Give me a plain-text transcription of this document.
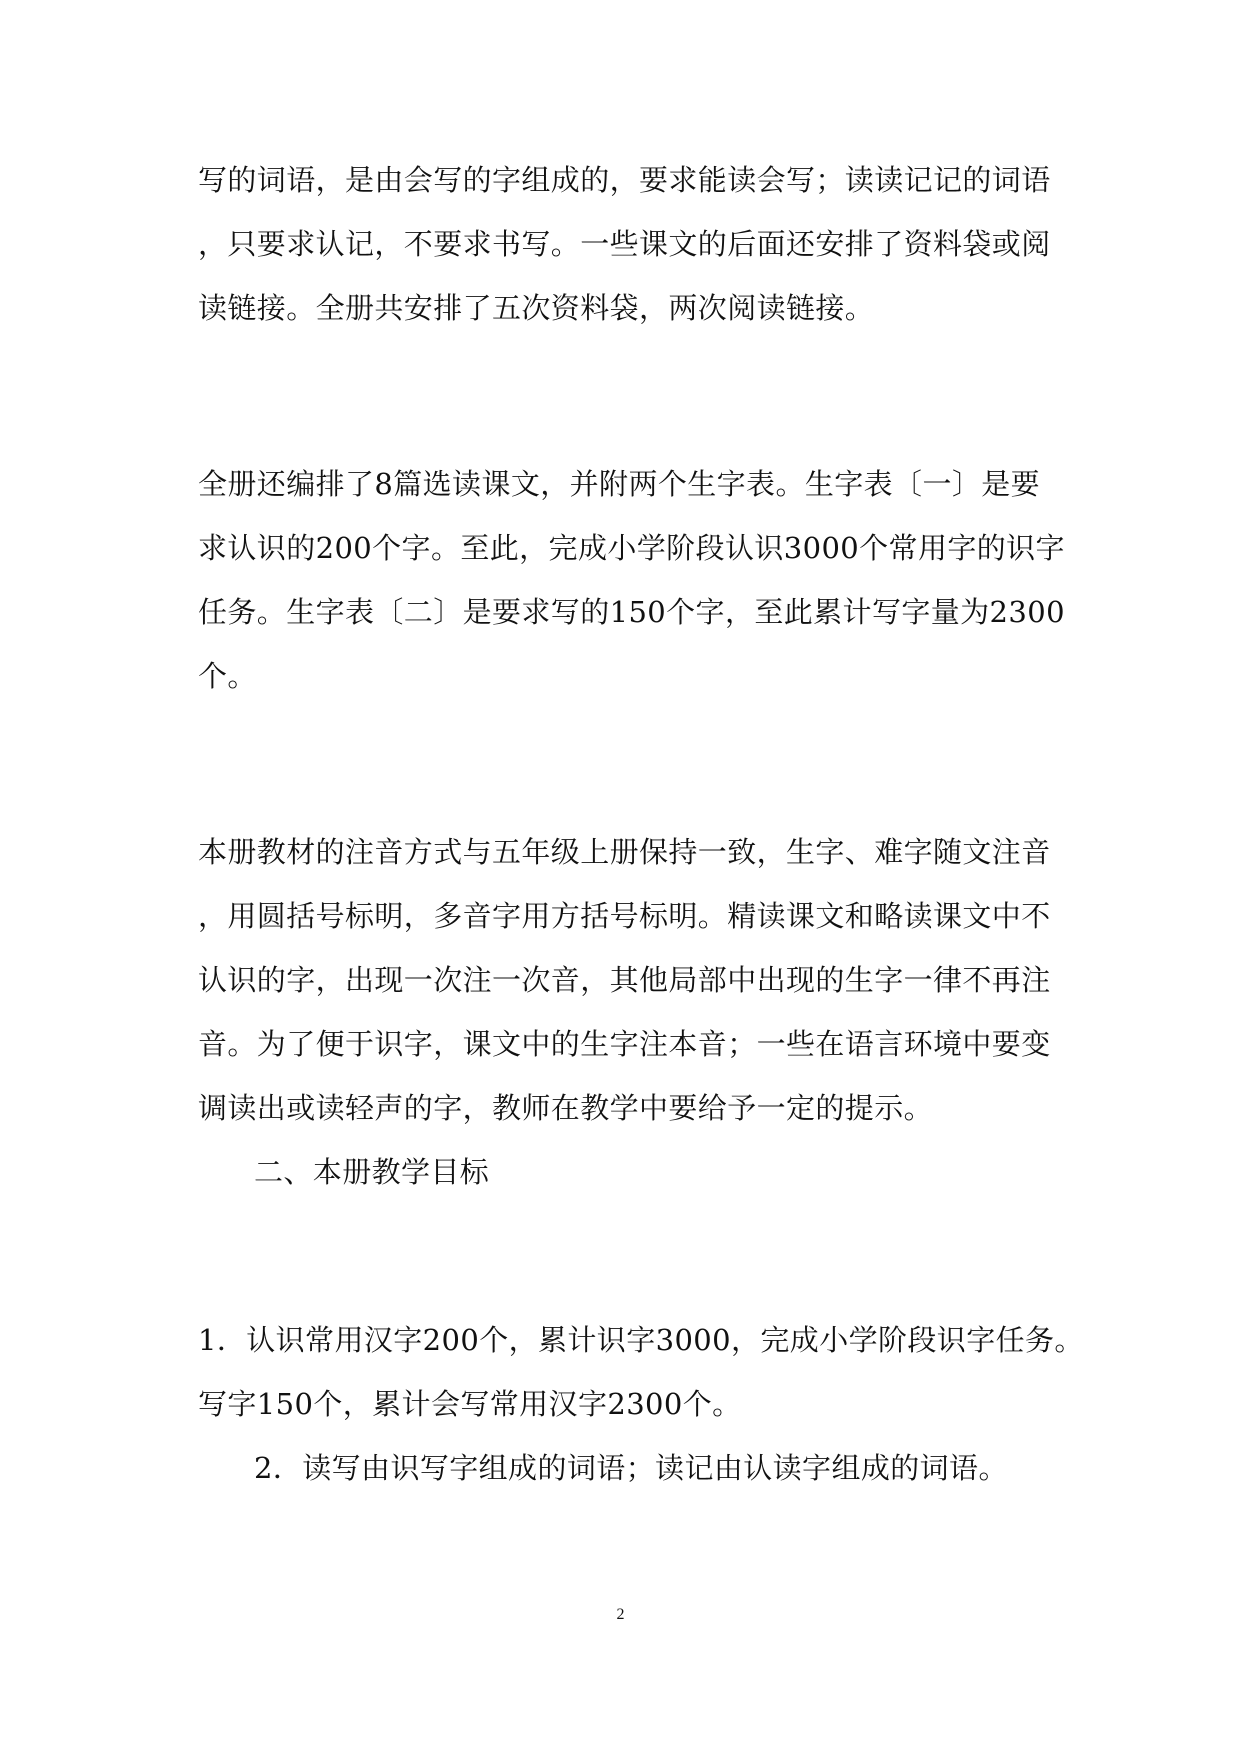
写的词语，是由会写的字组成的，要求能读会写；读读记记的词语
，只要求认记，不要求书写。一些课文的后面还安排了资料袋或阅
读链接。全册共安排了五次资料袋，两次阅读链接。
全册还编排了8篇选读课文，并附两个生字表。生字表〔一〕是要
求认识的200个字。至此，完成小学阶段认识3000个常用字的识字
任务。生字表〔二〕是要求写的150个字，至此累计写字量为2300
个。
本册教材的注音方式与五年级上册保持一致，生字、难字随文注音
，用圆括号标明，多音字用方括号标明。精读课文和略读课文中不
认识的字，出现一次注一次音，其他局部中出现的生字一律不再注
音。为了便于识字，课文中的生字注本音；一些在语言环境中要变
调读出或读轻声的字，教师在教学中要给予一定的提示。
二、本册教学目标
1．认识常用汉字200个，累计识字3000，完成小学阶段识字任务。
写字150个，累计会写常用汉字2300个。
2．读写由识写字组成的词语；读记由认读字组成的词语。
2
